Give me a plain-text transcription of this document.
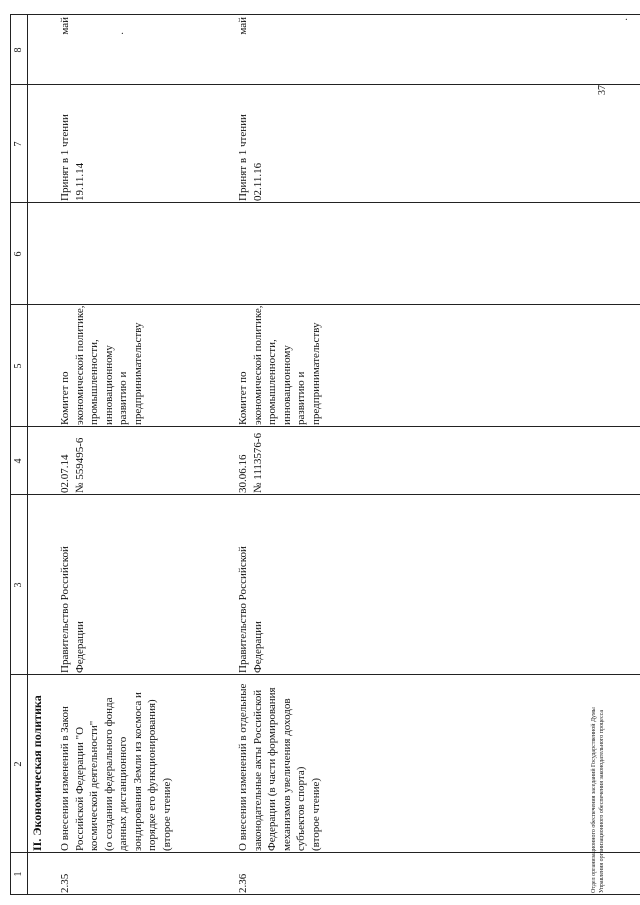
1
2
3
4
5
6
7
8
II. Экономическая политика
2.35
О внесении изменений в Закон Российской Федерации "О космической деятельности"
(о создании федерального фонда данных дистанционного зондирования Земли из космоса и порядке его функционирования)
(второе чтение)
Правительство Российской Федерации
02.07.14
№ 559495-6
Комитет по экономической политике, промышленности, инновационному развитию и предпринимательству
Принят в 1 чтении
19.11.14
май
2.36
О внесении изменений в отдельные законодательные акты Российской Федерации (в части формирования механизмов увеличения доходов субъектов спорта)
(второе чтение)
Правительство Российской Федерации
30.06.16
№ 1113576-6
Комитет по экономической политике, промышленности, инновационному развитию и предпринимательству
Принят в 1 чтении
02.11.16
май
·
·
Отдел организационного обеспечения заседаний Государственной Думы Управления организационного обеспечения законодательного процесса
37
